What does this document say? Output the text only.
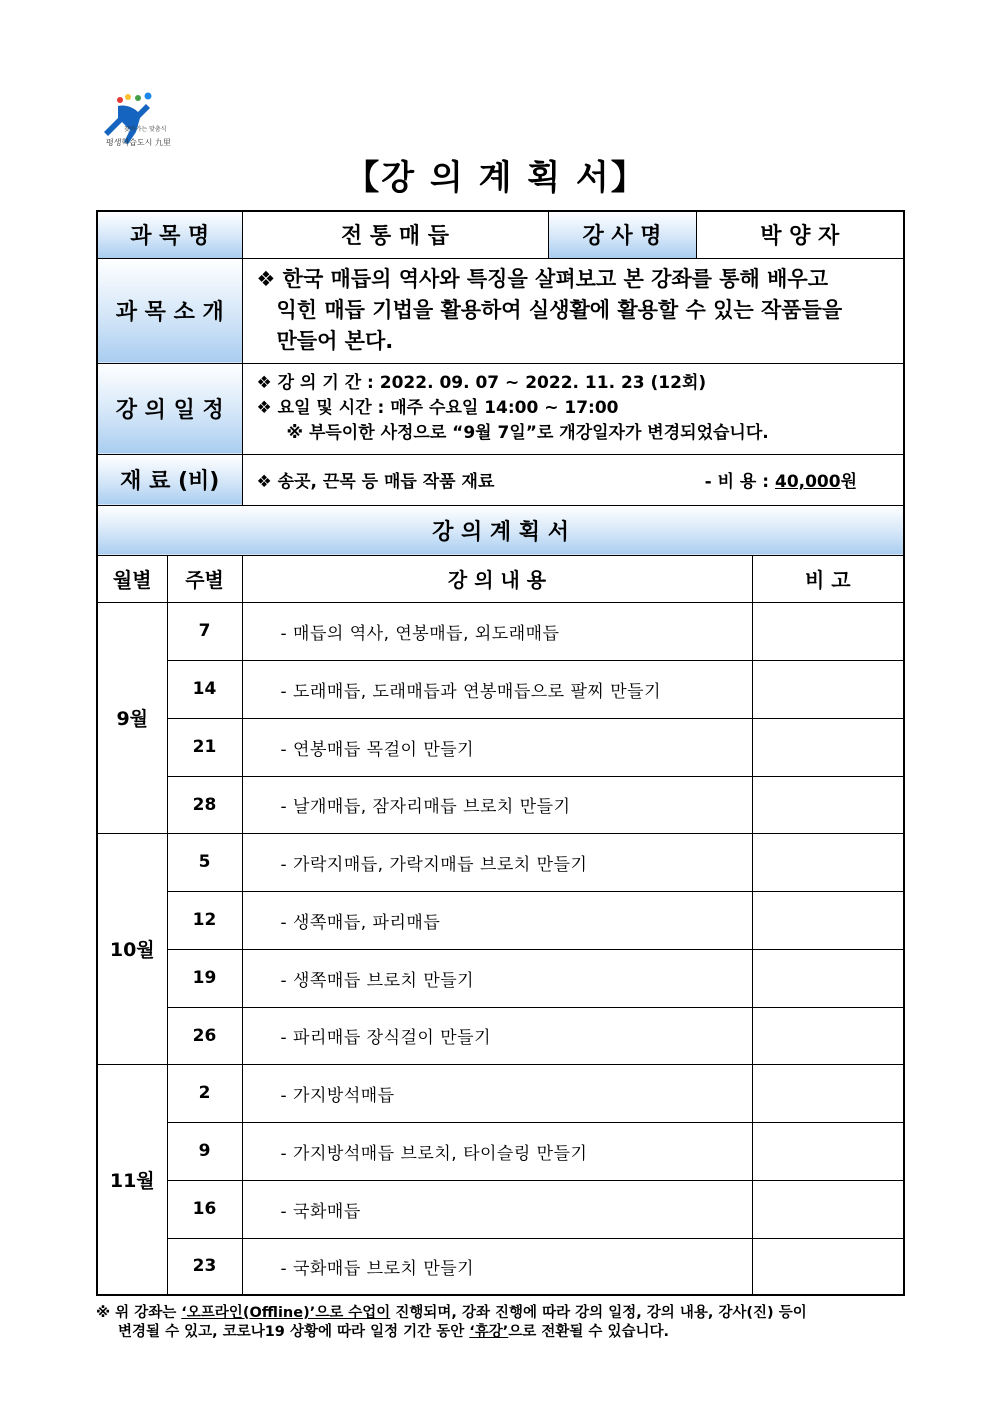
찾아가는 맞춤식
평생학습도시 九里
【강 의 계 획 서】
과 목 명		전 통 매 듭	강 사 명	박 양 자	
과 목 소 개		❖ 한국 매듭의 역사와 특징을 살펴보고 본 강좌를 통해 배우고
익힌 매듭 기법을 활용하여 실생활에 활용할 수 있는 작품들을
만들어 본다.			

강 의 일 정		❖ 강 의 기 간 : 2022. 09. 07 ~ 2022. 11. 23 (12회)
❖ 요일 및 시간 : 매주 수요일 14:00 ~ 17:00
※ 부득이한 사정으로 “9월 7일”로 개강일자가 변경되었습니다.			

재 료 (비)		❖ 송곳, 끈목 등 매듭 작품 재료 - 비 용 : 40,000원			

강 의 계 획 서					
월별	주별	강 의 내 용			비 고
9월	7	- 매듭의 역사, 연봉매듭, 외도래매듭			
	14	- 도래매듭, 도래매듭과 연봉매듭으로 팔찌 만들기			
	21	- 연봉매듭 목걸이 만들기			
	28	- 날개매듭, 잠자리매듭 브로치 만들기			
10월	5	- 가락지매듭, 가락지매듭 브로치 만들기			
	12	- 생쪽매듭, 파리매듭			
	19	- 생쪽매듭 브로치 만들기			
	26	- 파리매듭 장식걸이 만들기			
11월	2	- 가지방석매듭			
	9	- 가지방석매듭 브로치, 타이슬링 만들기			
	16	- 국화매듭			
	23	- 국화매듭 브로치 만들기			
※ 위 강좌는 ‘오프라인(Offline)’으로 수업이 진행되며, 강좌 진행에 따라 강의 일정, 강의 내용, 강사(진) 등이
변경될 수 있고, 코로나19 상황에 따라 일정 기간 동안 ‘휴강’으로 전환될 수 있습니다.
